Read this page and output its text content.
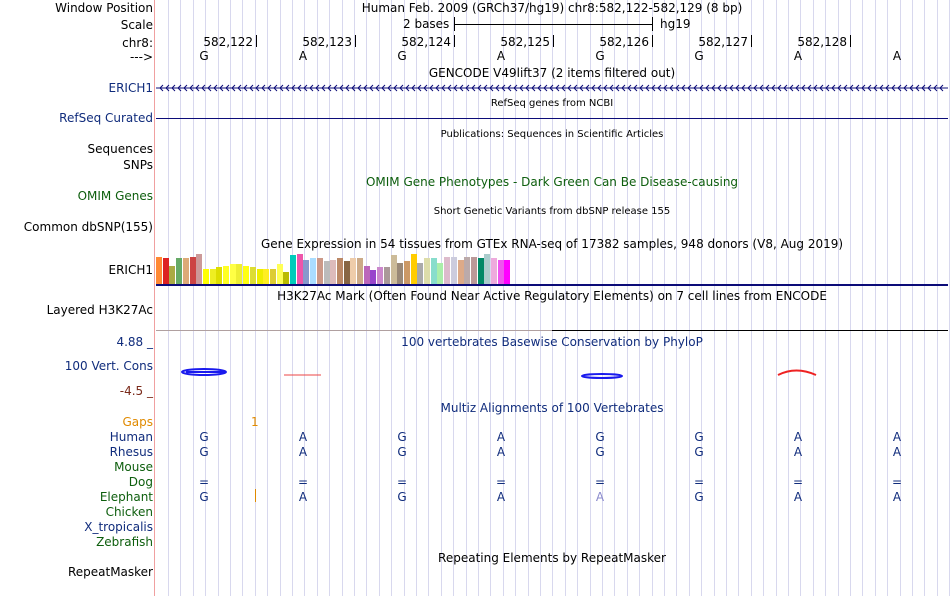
Window Position	Human Feb. 2009 (GRCh37/hg19) chr8:582,122-582,129 (8 bp)
Scale	2 bases	hg19
chr8:	582,122	582,123	582,124	582,125	582,126	582,127	582,128
--->	G	A	G	A	G	G	A	A
GENCODE V49lift37 (2 items filtered out)
ERICH1
RefSeq genes from NCBI
RefSeq Curated
Publications: Sequences in Scientific Articles
Sequences
SNPs
OMIM Gene Phenotypes - Dark Green Can Be Disease-causing
OMIM Genes
Short Genetic Variants from dbSNP release 155
Common dbSNP(155)
Gene Expression in 54 tissues from GTEx RNA-seq of 17382 samples, 948 donors (V8, Aug 2019)
ERICH1
H3K27Ac Mark (Often Found Near Active Regulatory Elements) on 7 cell lines from ENCODE
Layered H3K27Ac
4.88 _	100 vertebrates Basewise Conservation by PhyloP
100 Vert. Cons
-4.5 _
Multiz Alignments of 100 Vertebrates
Gaps	1
Human	G	A	G	A	G	G	A	A
Rhesus	G	A	G	A	G	G	A	A
Mouse
Dog	=	=	=	=	=	=	=	=
Elephant	G	A	G	A	A	G	A	A
Chicken
X_tropicalis
Zebrafish
Repeating Elements by RepeatMasker
RepeatMasker
